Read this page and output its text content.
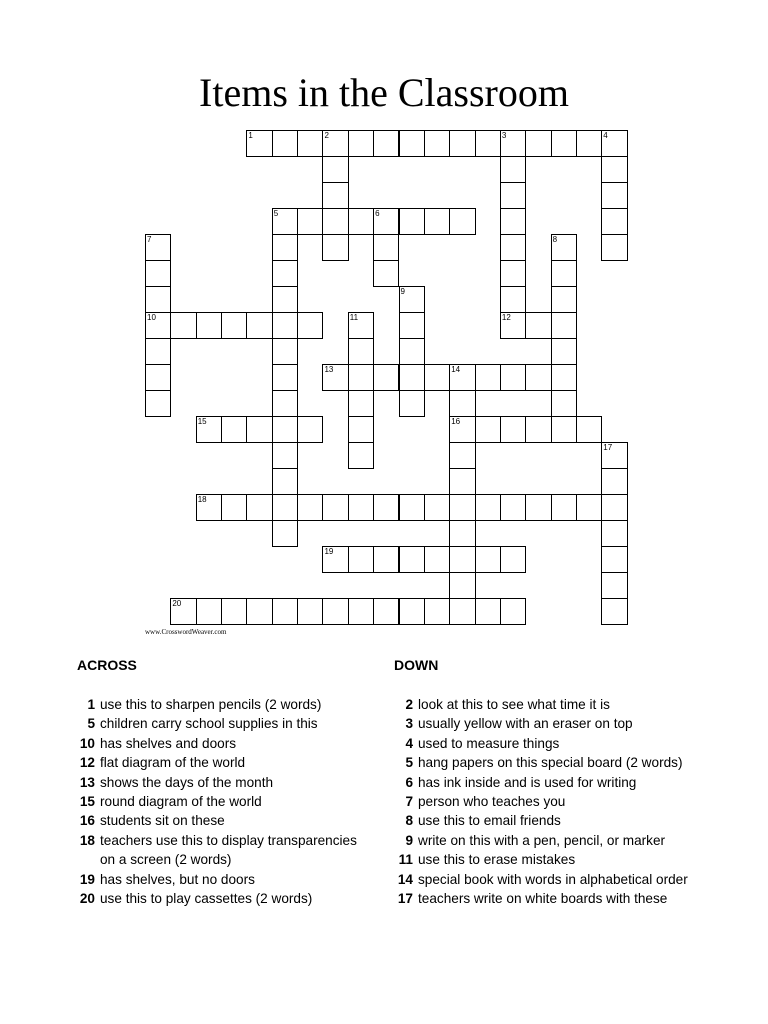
Items in the Classroom
1	2	3	4
5	6
7
10
8
9
11	12
13	14
16
15
17
18
19
20
www.CrosswordWeaver.com
ACROSS	DOWN
1 use this to sharpen pencils (2 words)
5 children carry school supplies in this
10 has shelves and doors
12 flat diagram of the world
13 shows the days of the month
15 round diagram of the world
16 students sit on these
18 teachers use this to display transparencies on a screen (2 words)
19 has shelves, but no doors
20 use this to play cassettes (2 words)
2 look at this to see what time it is
3 usually yellow with an eraser on top
4 used to measure things
5 hang papers on this special board (2 words)
6 has ink inside and is used for writing
7 person who teaches you
8 use this to email friends
9 write on this with a pen, pencil, or marker
11 use this to erase mistakes
14 special book with words in alphabetical order
17 teachers write on white boards with these
